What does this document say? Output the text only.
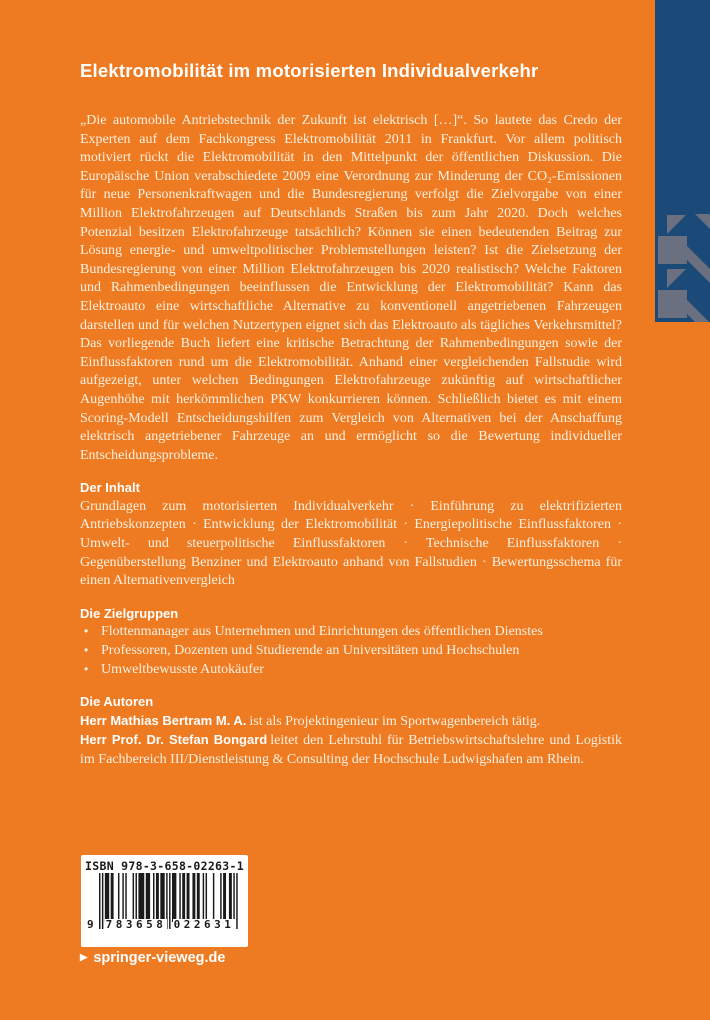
Elektromobilität im motorisierten Individualverkehr

„Die automobile Antriebstechnik der Zukunft ist elektrisch […]“. So lautete das Credo der Experten auf dem Fachkongress Elektromobilität 2011 in Frankfurt. Vor allem politisch motiviert rückt die Elektromobilität in den Mittelpunkt der öffentlichen Diskussion. Die Europäische Union verabschiedete 2009 eine Verordnung zur Minderung der CO₂-Emissionen für neue Personenkraftwagen und die Bundesregierung verfolgt die Zielvorgabe von einer Million Elektrofahrzeugen auf Deutschlands Straßen bis zum Jahr 2020. Doch welches Potenzial besitzen Elektrofahrzeuge tatsächlich? Können sie einen bedeutenden Beitrag zur Lösung energie- und umweltpolitischer Problemstellungen leisten? Ist die Zielsetzung der Bundesregierung von einer Million Elektrofahrzeugen bis 2020 realistisch? Welche Faktoren und Rahmenbedingungen beeinflussen die Entwicklung der Elektromobilität? Kann das Elektroauto eine wirtschaftliche Alternative zu konventionell angetriebenen Fahrzeugen darstellen und für welchen Nutzertypen eignet sich das Elektroauto als tägliches Verkehrsmittel? Das vorliegende Buch liefert eine kritische Betrachtung der Rahmenbedingungen sowie der Einflussfaktoren rund um die Elektromobilität. Anhand einer vergleichenden Fallstudie wird aufgezeigt, unter welchen Bedingungen Elektrofahrzeuge zukünftig auf wirtschaftlicher Augenhöhe mit herkömmlichen PKW konkurrieren können. Schließlich bietet es mit einem Scoring-Modell Entscheidungshilfen zum Vergleich von Alternativen bei der Anschaffung elektrisch angetriebener Fahrzeuge an und ermöglicht so die Bewertung individueller Entscheidungsprobleme.

Der Inhalt

Grundlagen zum motorisierten Individualverkehr · Einführung zu elektrifizierten Antriebskonzepten · Entwicklung der Elektromobilität · Energiepolitische Einflussfaktoren · Umwelt- und steuerpolitische Einflussfaktoren · Technische Einflussfaktoren · Gegenüberstellung Benziner und Elektroauto anhand von Fallstudien · Bewertungsschema für einen Alternativenvergleich

Die Zielgruppen

• Flottenmanager aus Unternehmen und Einrichtungen des öffentlichen Dienstes
• Professoren, Dozenten und Studierende an Universitäten und Hochschulen
• Umweltbewusste Autokäufer

Die Autoren

Herr Mathias Bertram M. A. ist als Projektingenieur im Sportwagenbereich tätig.

Herr Prof. Dr. Stefan Bongard leitet den Lehrstuhl für Betriebswirtschaftslehre und Logistik im Fachbereich III/Dienstleistung & Consulting der Hochschule Ludwigshafen am Rhein.

ISBN 978-3-658-02263-1
9 783658 022631
▶ springer-vieweg.de
